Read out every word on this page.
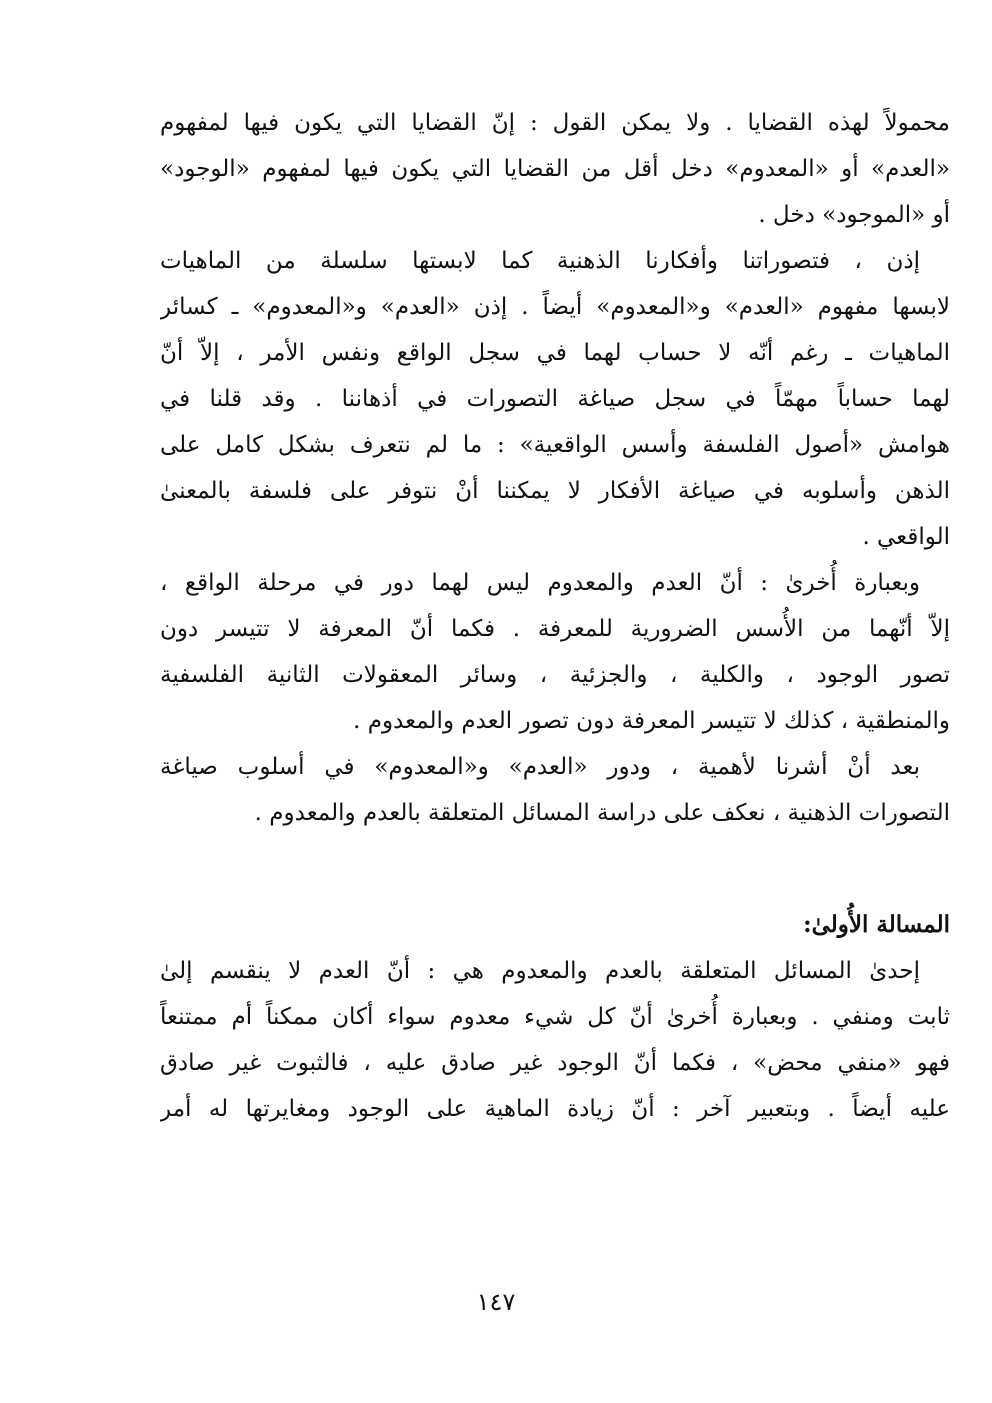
محمولاً لهذه القضايا . ولا يمكن القول : إنّ القضايا التي يكون فيها لمفهوم
«العدم» أو «المعدوم» دخل أقل من القضايا التي يكون فيها لمفهوم «الوجود»
أو «الموجود» دخل .
إذن ، فتصوراتنا وأفكارنا الذهنية كما لابستها سلسلة من الماهيات
لابسها مفهوم «العدم» و«المعدوم» أيضاً . إذن «العدم» و«المعدوم» ـ كسائر
الماهيات ـ رغم أنّه لا حساب لهما في سجل الواقع ونفس الأمر ، إلاّ أنّ
لهما حساباً مهمّاً في سجل صياغة التصورات في أذهاننا . وقد قلنا في
هوامش «أصول الفلسفة وأسس الواقعية» : ما لم نتعرف بشكل كامل على
الذهن وأسلوبه في صياغة الأفكار لا يمكننا أنْ نتوفر على فلسفة بالمعنىٰ
الواقعي .
وبعبارة أُخرىٰ : أنّ العدم والمعدوم ليس لهما دور في مرحلة الواقع ،
إلاّ أنّهما من الأُسس الضرورية للمعرفة . فكما أنّ المعرفة لا تتيسر دون
تصور الوجود ، والكلية ، والجزئية ، وسائر المعقولات الثانية الفلسفية
والمنطقية ، كذلك لا تتيسر المعرفة دون تصور العدم والمعدوم .
بعد أنْ أشرنا لأهمية ، ودور «العدم» و«المعدوم» في أسلوب صياغة
التصورات الذهنية ، نعكف على دراسة المسائل المتعلقة بالعدم والمعدوم .
المسالة الأُولىٰ:
إحدىٰ المسائل المتعلقة بالعدم والمعدوم هي : أنّ العدم لا ينقسم إلىٰ
ثابت ومنفي . وبعبارة أُخرىٰ أنّ كل شيء معدوم سواء أكان ممكناً أم ممتنعاً
فهو «منفي محض» ، فكما أنّ الوجود غير صادق عليه ، فالثبوت غير صادق
عليه أيضاً . وبتعبير آخر : أنّ زيادة الماهية على الوجود ومغايرتها له أمر
١٤٧
